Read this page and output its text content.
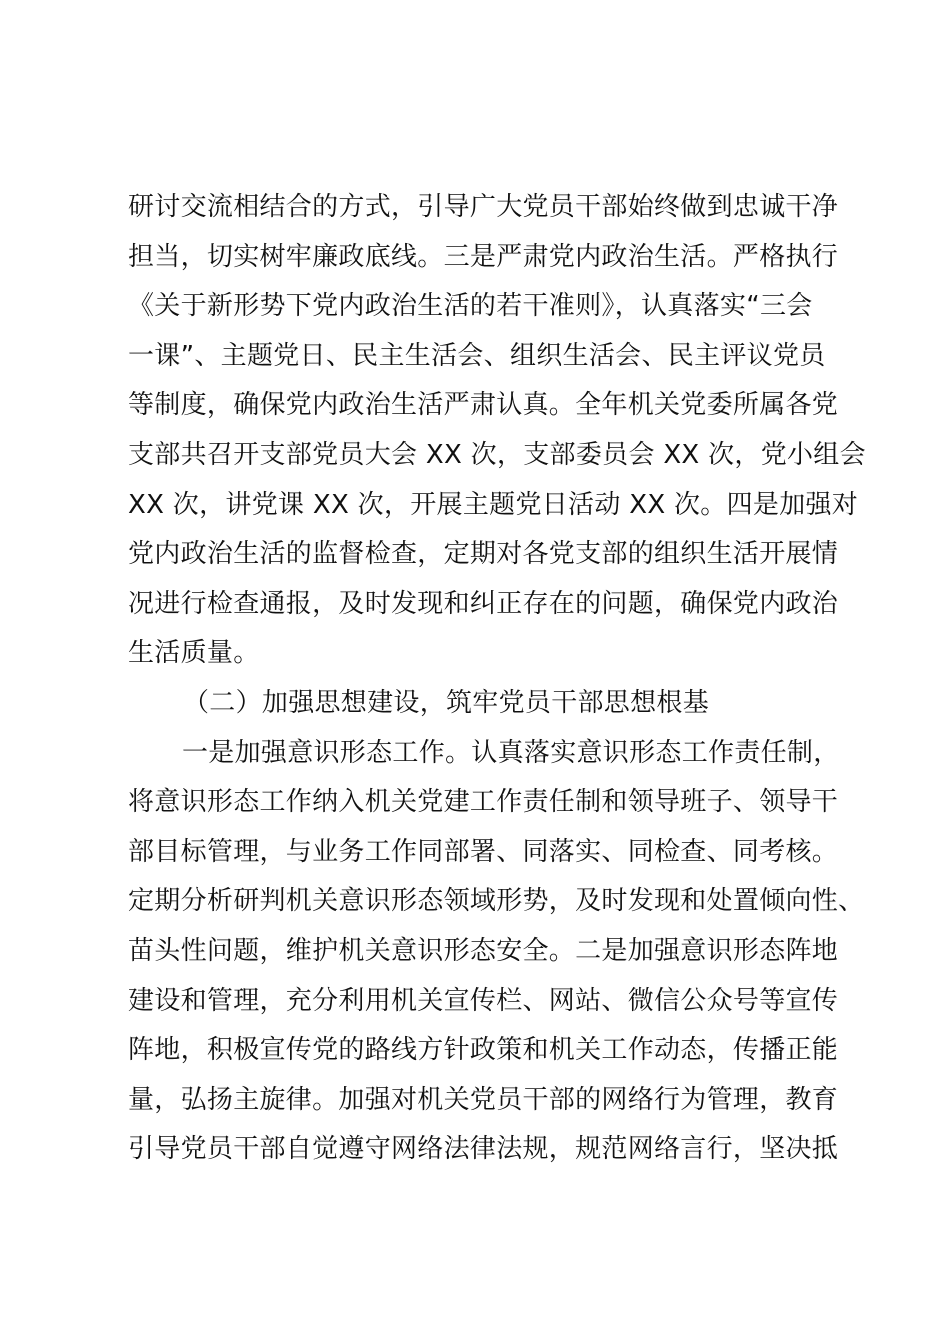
研讨交流相结合的方式，引导广大党员干部始终做到忠诚干净
担当，切实树牢廉政底线。三是严肃党内政治生活。严格执行
《关于新形势下党内政治生活的若干准则》，认真落实“三会
一课”、主题党日、民主生活会、组织生活会、民主评议党员
等制度，确保党内政治生活严肃认真。全年机关党委所属各党
支部共召开支部党员大会 XX 次，支部委员会 XX 次，党小组会
XX 次，讲党课 XX 次，开展主题党日活动 XX 次。四是加强对
党内政治生活的监督检查，定期对各党支部的组织生活开展情
况进行检查通报，及时发现和纠正存在的问题，确保党内政治
生活质量。
（二）加强思想建设，筑牢党员干部思想根基
一是加强意识形态工作。认真落实意识形态工作责任制，
将意识形态工作纳入机关党建工作责任制和领导班子、领导干
部目标管理，与业务工作同部署、同落实、同检查、同考核。
定期分析研判机关意识形态领域形势，及时发现和处置倾向性、
苗头性问题，维护机关意识形态安全。二是加强意识形态阵地
建设和管理，充分利用机关宣传栏、网站、微信公众号等宣传
阵地，积极宣传党的路线方针政策和机关工作动态，传播正能
量，弘扬主旋律。加强对机关党员干部的网络行为管理，教育
引导党员干部自觉遵守网络法律法规，规范网络言行，坚决抵
